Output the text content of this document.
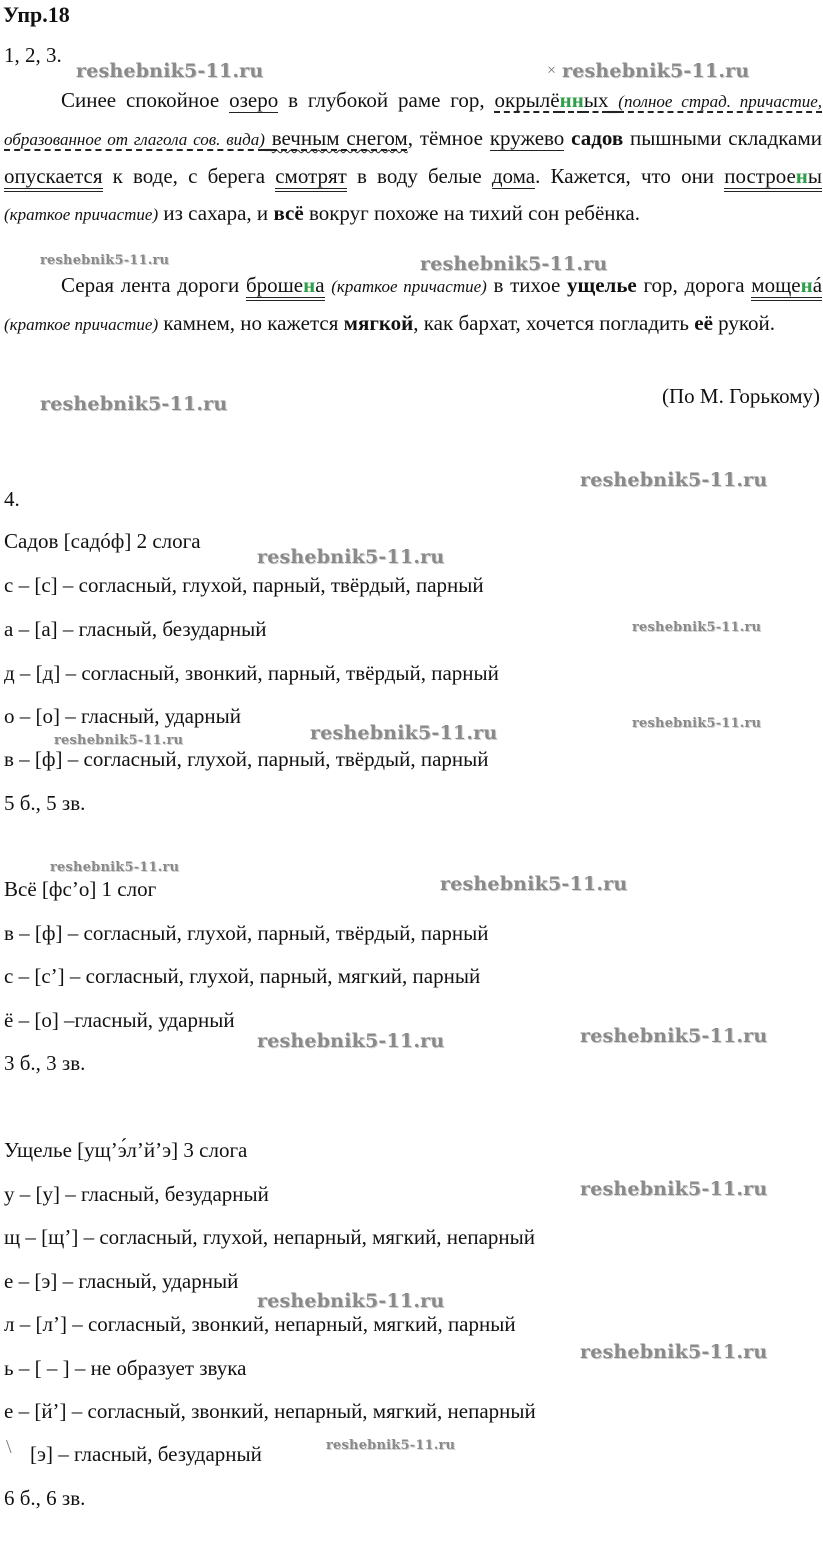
Упр.18
1, 2, 3.
Синее спокойное озеро в глубокой раме гор, окрылённых (полное страд. причастие, образованное от глагола сов. вида) вечным снегом, тёмное кружево садов пышными складками опускается к воде, с берега смотрят в воду белые дома. Кажется, что они построены (краткое причастие) из сахара, и всё вокруг похоже на тихий сон ребёнка.
Серая лента дороги брошена (краткое причастие) в тихое ущелье гор, дорога мощенá (краткое причастие) камнем, но кажется мягкой, как бархат, хочется погладить её рукой.
(По М. Горькому)
4.
Садов [садóф] 2 слога
с – [с] – согласный, глухой, парный, твёрдый, парный
а – [а] – гласный, безударный
д – [д] – согласный, звонкий, парный, твёрдый, парный
о – [о] – гласный, ударный
в – [ф] – согласный, глухой, парный, твёрдый, парный
5 б., 5 зв.
Всё [фс’о] 1 слог
в – [ф] – согласный, глухой, парный, твёрдый, парный
с – [с’] – согласный, глухой, парный, мягкий, парный
ё – [о] –гласный, ударный
3 б., 3 зв.
Ущелье [ущ’э́л’й’э] 3 слога
у – [у] – гласный, безударный
щ – [щ’] – согласный, глухой, непарный, мягкий, непарный
е – [э] – гласный, ударный
л – [л’] – согласный, звонкий, непарный, мягкий, парный
ь – [ – ] – не образует звука
е – [й’] – согласный, звонкий, непарный, мягкий, непарный
[э] – гласный, безударный
6 б., 6 зв.
\
×
reshebnik5-11.ru	reshebnik5-11.ru
reshebnik5-11.ru	reshebnik5-11.ru
reshebnik5-11.ru
reshebnik5-11.ru
reshebnik5-11.ru
reshebnik5-11.ru
reshebnik5-11.ru	reshebnik5-11.ru
reshebnik5-11.ru
reshebnik5-11.ru
reshebnik5-11.ru
reshebnik5-11.ru	reshebnik5-11.ru
reshebnik5-11.ru
reshebnik5-11.ru
reshebnik5-11.ru
reshebnik5-11.ru
